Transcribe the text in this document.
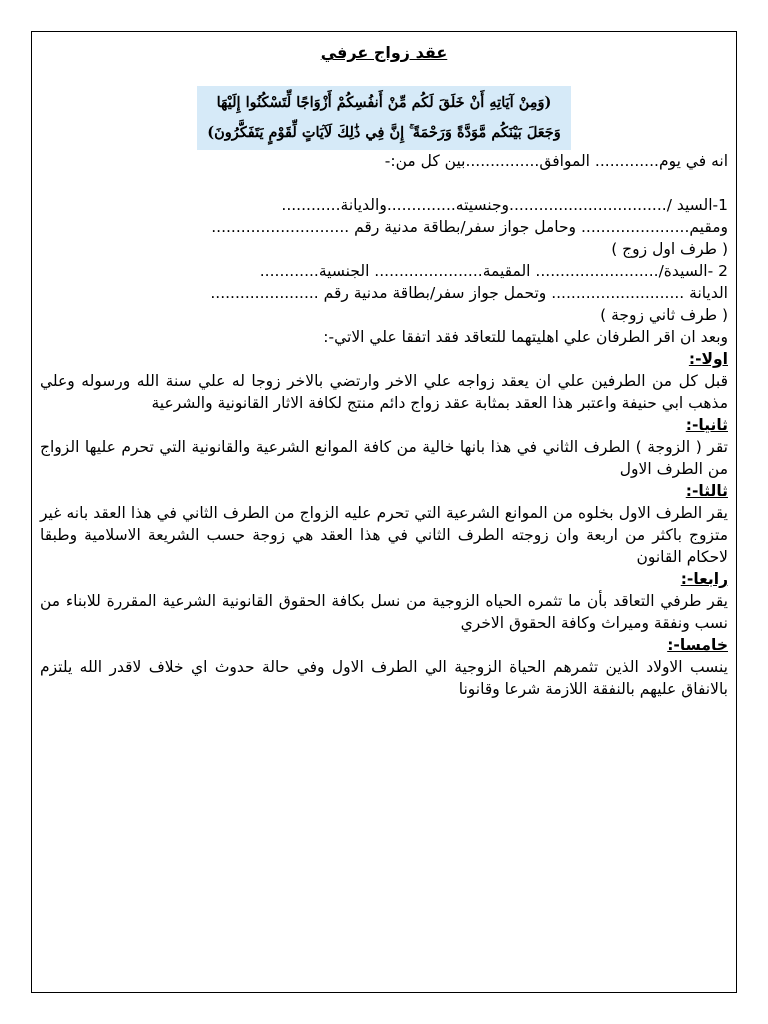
عقد زواج عرفي
(وَمِنْ آيَاتِهِ أَنْ خَلَقَ لَكُم مِّنْ أَنفُسِكُمْ أَزْوَاجًا لِّتَسْكُنُوا إِلَيْهَا
وَجَعَلَ بَيْنَكُم مَّوَدَّةً وَرَحْمَةً ۚ إِنَّ فِي ذَٰلِكَ لَآيَاتٍ لِّقَوْمٍ يَتَفَكَّرُونَ)
انه في يوم............. الموافق...............بين كل من:-
1-السيد /................................وجنسيته..............والديانة............
ومقيم...................... وحامل جواز سفر/بطاقة مدنية رقم ............................
( طرف اول زوج )
2 -السيدة/......................... المقيمة...................... الجنسية............
الديانة ........................... وتحمل جواز سفر/بطاقة مدنية رقم ......................
( طرف ثاني زوجة )
وبعد ان اقر الطرفان علي اهليتهما للتعاقد فقد اتفقا علي الاتي-:
اولا-:
قبل كل من الطرفين علي ان يعقد زواجه علي الاخر وارتضي بالاخر زوجا له علي سنة الله ورسوله وعلي مذهب ابي حنيفة واعتبر هذا العقد بمثابة عقد زواج دائم منتج لكافة الاثار القانونية والشرعية
ثانيا-:
تقر ( الزوجة ) الطرف الثاني في هذا بانها خالية من كافة الموانع الشرعية والقانونية التي تحرم عليها الزواج من الطرف الاول
ثالثا-:
يقر الطرف الاول بخلوه من الموانع الشرعية التي تحرم عليه الزواج من الطرف الثاني في هذا العقد بانه غير متزوج باكثر من اربعة وان زوجته الطرف الثاني في هذا العقد هي زوجة حسب الشريعة الاسلامية وطبقا لاحكام القانون
رابعا-:
يقر طرفي التعاقد بأن ما تثمره الحياه الزوجية من نسل بكافة الحقوق القانونية الشرعية المقررة للابناء من نسب ونفقة وميراث وكافة الحقوق الاخري
خامسا-:
ينسب الاولاد الذين تثمرهم الحياة الزوجية الي الطرف الاول وفي حالة حدوث اي خلاف لاقدر الله يلتزم بالانفاق عليهم بالنفقة اللازمة شرعا وقانونا
